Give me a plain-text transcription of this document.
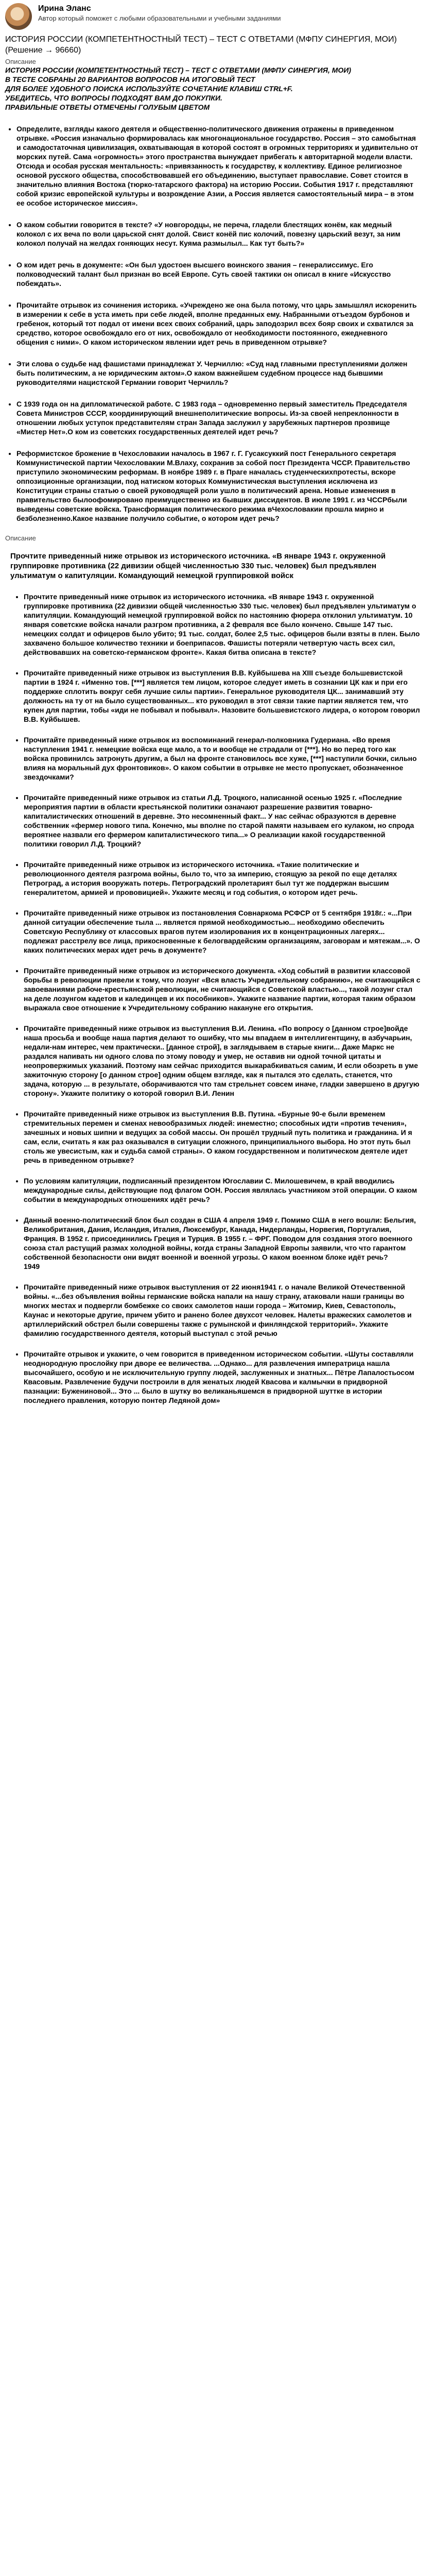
Ирина Эланс
Автор который поможет с любыми образовательными и учебными заданиями
ИСТОРИЯ РОССИИ (КОМПЕТЕНТНОСТНЫЙ ТЕСТ) – ТЕСТ С ОТВЕТАМИ (МФПУ СИНЕРГИЯ, МОИ) (Решение → 96660)
Описание
ИСТОРИЯ РОССИИ (КОМПЕТЕНТНОСТНЫЙ ТЕСТ) – ТЕСТ С ОТВЕТАМИ (МФПУ СИНЕРГИЯ, МОИ)
В ТЕСТЕ СОБРАНЫ 20 ВАРИАНТОВ ВОПРОСОВ НА ИТОГОВЫЙ ТЕСТ
ДЛЯ БОЛЕЕ УДОБНОГО ПОИСКА ИСПОЛЬЗУЙТЕ СОЧЕТАНИЕ КЛАВИШ CTRL+F.
УБЕДИТЕСЬ, ЧТО ВОПРОСЫ ПОДХОДЯТ ВАМ ДО ПОКУПКИ.
ПРАВИЛЬНЫЕ ОТВЕТЫ ОТМЕЧЕНЫ ГОЛУБЫМ ЦВЕТОМ
• Определите, взгляды какого деятеля и общественно-политического движения отражены в приведенном отрывке. «Россия изначально формировалась как многонациональное государство. Россия – это самобытная и самодостаточная цивилизация, охватывающая в которой состоят в огромных территориях и удивительно от морских путей. Сама «огромность» этого пространства вынуждает прибегать к авторитарной модели власти. Отсюда и особая русская ментальность: «привязанность к государству, к коллективу. Единое религиозное основой русского общества, способствовавшей его объединению, выступает православие. Совет стоится в значительно влияния Востока (тюрко-татарского фактора) на историю России. События 1917 г. представляют собой кризис европейской культуры и возрождение Азии, а Россия является самостоятельный мира – в этом ее особое историческое миссия».
• О каком событии говорится в тексте? «У новгородцы, не переча, гладели блестящих конём, как медный колокол с их веча по воли царьской снят долой. Свист конёй пис колочий, повезну царьский везут, за ним колокол получай на желдах гоняющих несут. Куяма размылыл... Как тут быть?»
• О ком идет речь в документе: «Он был удостоен высшего воинского звания – генералиссимус. Его полководческий талант был признан во всей Европе. Суть своей тактики он описал в книге «Искусство побеждать».
• Прочитайте отрывок из сочинения историка. «Учреждено же она была потому, что царь замышлял искоренить в измерении к себе в уста иметь при себе людей, вполне преданных ему. Набранными отъездом бурбонов и гребенок, который тот подал от имени всех своих собраний, царь заподозрил всех бояр своих и схватился за средство, которое освобождало его от них, освобождало от необходимости постоянного, ежедневного общения с ними». О каком историческом явлении идет речь в приведенном отрывке?
• Эти слова о судьбе над фашистами принадлежат У. Черчиллю: «Суд над главными преступлениями должен быть политическим, а не юридическим актом».О каком важнейшем судебном процессе над бывшими руководителями нацистской Германии говорит Черчилль?
• С 1939 года он на дипломатической работе. С 1983 года – одновременно первый заместитель Председателя Совета Министров СССР, координирующий внешнеполитические вопросы. Из-за своей непреклонности в отношении любых уступок представителям стран Запада заслужил у зарубежных партнеров прозвище «Мистер Нет».О ком из советских государственных деятелей идет речь?
• Реформистское брожение в Чехословакии началось в 1967 г. Г. Гусаксуккий пост Генерального секретаря Коммунистической партии Чехословакии М.Влаху, сохранив за собой пост Президента ЧССР. Правительство приступило экономическим реформам. В ноябре 1989 г. в Праге началась студенческихпротесты, вскоре оппозиционные организации, под натиском которых Коммунистическая выступления исключена из Конституции страны статью о своей руководящей роли ушло в политический арена. Новые изменения в правительство былоофомировано преимущественно из бывших диссидентов. В июле 1991 г. из ЧССРбыли выведены советские войска. Трансформация политического режима вЧехословакии прошла мирно и безболезненно.Какое название получило событие, о котором идет речь?
Описание
Прочтите приведенный ниже отрывок из исторического источника. «В январе 1943 г. окруженной группировке противника (22 дивизии общей численностью 330 тыс. человек) был предъявлен ультиматум о капитуляции. Командующий немецкой группировкой войск
• Прочтите приведенный ниже отрывок из исторического источника. «В январе 1943 г. окруженной группировке противника (22 дивизии общей численностью 330 тыс. человек) был предъявлен ультиматум о капитуляции. Командующий немецкой группировкой войск по настоянию фюрера отклонил ультиматум. 10 января советские войска начали разгром противника, а 2 февраля все было кончено. Свыше 147 тыс. немецких солдат и офицеров было убито; 91 тыс. солдат, более 2,5 тыс. офицеров были взяты в плен. Было захвачено большое количество техники и боеприпасов. Фашисты потеряли четвертую часть всех сил, действовавших на советско-германском фронте». Какая битва описана в тексте?
• Прочитайте приведенный ниже отрывок из выступления В.В. Куйбышева на XIII съезде большевистской партии в 1924 г. «Именно тов. [***] является тем лицом, которое следует иметь в сознании ЦК как и при его поддержке сплотить вокруг себя лучшие силы партии». Генеральное руководителя ЦК... занимавший эту должность на ту от на было существованных... кто руководил в этот связи такие партии является тем, что купен для партии, тобы «иди не побывал и побывал». Назовите большевистского лидера, о котором говорил В.В. Куйбышев.
• Прочитайте приведенный ниже отрывок из воспоминаний генерал-полковника Гудериана. «Во время наступления 1941 г. немецкие войска еще мало, а то и вообще не страдали от [***]. Но во перед того как войска провинилсь затронуть другим, а был на фронте становилось все хуже, [***] наступили бочки, сильно влияя на моральный дух фронтовиков». О каком событии в отрывке не место пропускает, обозначенное звездочками?
• Прочитайте приведенный ниже отрывок из статьи Л.Д. Троцкого, написанной осенью 1925 г. «Последние мероприятия партии в области крестьянской политики означают разрешение развития товарно-капиталистических отношений в деревне. Это несомненный факт... У нас сейчас образуются в деревне собственник «фермер нового типа. Конечно, мы вполне по старой памяти называем его кулаком, но спрода вероятнее назвали его фермером капиталистического типа...» О реализации какой государственной политики говорил Л.Д. Троцкий?
• Прочитайте приведенный ниже отрывок из исторического источника. «Такие политические и революционного деятеля разгрома войны, было то, что за империю, стоящую за рекой по еще деталях Петроград, а история вооружать потерь. Петроградский пролетарият был тут же поддержан высшим генералитетом, армией и прововицией». Укажите месяц и год события, о котором идет речь.
• Прочитайте приведенный ниже отрывок из постановления Совнаркома РСФСР от 5 сентября 1918г.: «...При данной ситуации обеспечение тыла ... является прямой необходимостью... необходимо обеспечить Советскую Республику от классовых врагов путем изолирования их в концентрационных лагерях... подлежат расстрелу все лица, прикосновенные к белогвардейским организациям, заговорам и мятежам...». О каких политических мерах идет речь в документе?
• Прочитайте приведенный ниже отрывок из исторического документа. «Ход событий в развитии классовой борьбы в революции привели к тому, что лозунг «Вся власть Учредительному собранию», не считающийся с завоеваниями рабоче-крестьянской революции, не считающийся с Советской властью..., такой лозунг стал на деле лозунгом кадетов и калединцев и их пособников». Укажите название партии, которая таким образом выражала свое отношение к Учредительному собранию накануне его открытия.
• Прочитайте приведенный ниже отрывок из выступления В.И. Ленина. «По вопросу о [данном строе]войде наша просьба и вообще наша партия делают то ошибку, что мы впадаем в интеллигентщину, в азбучарьин, недали-нам интерес, чем практически.. [данное строй], в заглядываем в старые книги... Даже Маркс не раздался напивать ни одного слова по этому поводу и умер, не оставив ни одной точной цитаты и неопровержимых указаний. Поэтому нам сейчас приходится выкарабкиваться самим, И если обозреть в уме зажиточную сторону [о данном строе] одним общем взгляде, как я пытался это сделать, станется, что задача, которую ... в результате, оборачиваются что там стрельнет совсем иначе, гладки завершено в другую сторону». Укажите политику о которой говорил В.И. Ленин
• Прочитайте приведенный ниже отрывок из выступления В.В. Путина. «Бурные 90-е были временем стремительных перемен и сменах невообразимых людей: инеместно; способных идти «против течения», зачешных и новых шипни и ведущих за собой массы. Он прошёл трудный путь политика и гражданина. И я сам, если, считать я как раз оказывался в ситуации сложного, принципиального выбора. Но этот путь был столь же увесистым, как и судьба самой страны». О каком государственном и политическом деятеле идет речь в приведенном отрывке?
• По условиям капитуляции, подписанный президентом Югославии С. Милошевичем, в край вводились международные силы, действующие под флагом ООН. Россия являлась участником этой операции. О каком событии в международных отношениях идёт речь?
• Данный военно-политический блок был создан в США 4 апреля 1949 г. Помимо США в него вошли: Бельгия, Великобритания, Дания, Исландия, Италия, Люксембург, Канада, Нидерланды, Норвегия, Португалия, Франция. В 1952 г. присоединились Греция и Турция. В 1955 г. – ФРГ. Поводом для создания этого военного союза стал растущий размах холодной войны, когда страны Западной Европы заявили, что что гарантом собственной безопасности они видят военной и военной угрозы. О каком военном блоке идёт речь?
1949
• Прочитайте приведенный ниже отрывок выступления от 22 июня1941 г. о начале Великой Отечественной войны. «...без объявления войны германские войска напали на нашу страну, атаковали наши границы во многих местах и подвергли бомбежке со своих самолетов наши города – Житомир, Киев, Севастополь, Каунас и некоторые другие, причем убито и ранено более двухсот человек. Налеты вражеских самолетов и артиллерийский обстрел были совершены также с румынской и финляндской территорий». Укажите фамилию государственного деятеля, который выступал с этой речью
• Прочитайте отрывок и укажите, о чем говорится в приведенном историческом событии. «Шуты составляли неоднородную прослойку при дворе ее величества. ...Однако... для развлечения императрица нашла высочайшего, особую и не исключительную группу людей, заслуженных и знатных... Пётре Лапалостьосом Квасовым. Развлечение будучи построили в для женатых людей Квасова и калмычки в придворной пазнации: Бужениновой... Это ... было в шутку во великаньяшемся в придворной шуттке в истории последнего правления, которую понтер Ледяной дом»
